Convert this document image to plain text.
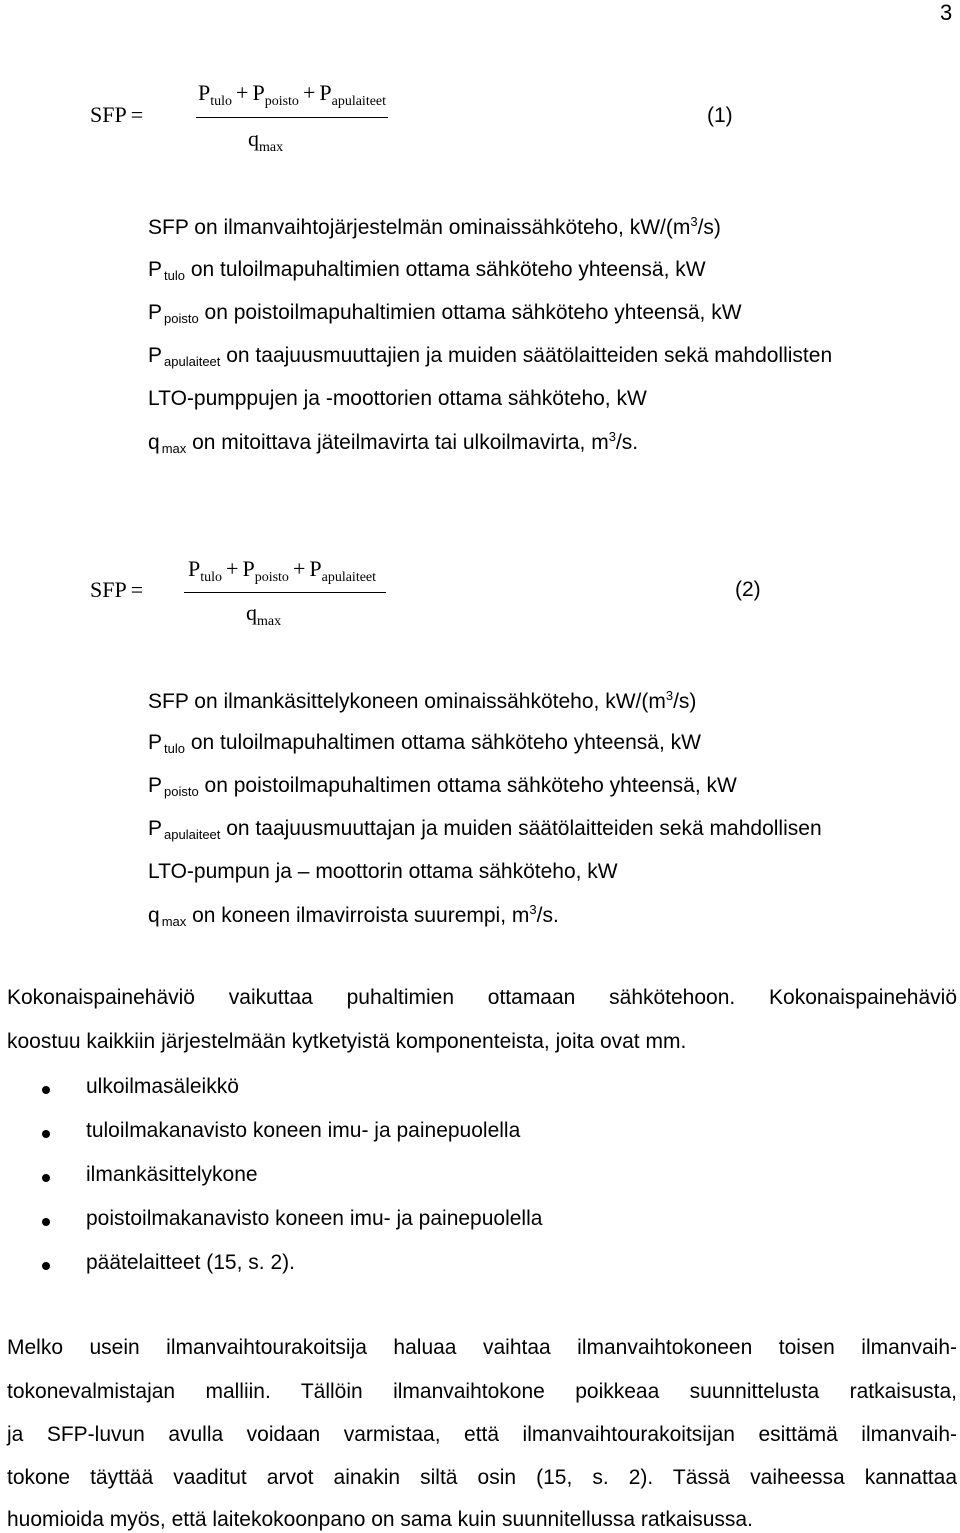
3
SFP =
$P_{tulo} + P_{poisto} + P_{apulaiteet}$
$q_{max}$
(1)
SFP on ilmanvaihtojärjestelmän ominaissähköteho, $kW/(m^3/s)$
P $_{tulo}$ on tuloilmapuhaltimien ottama sähköteho yhteensä, kW
P $_{poisto}$ on poistoilmapuhaltimien ottama sähköteho yhteensä, kW
P $_{apulaiteet}$ on taajuusmuuttajien ja muiden säätölaitteiden sekä mahdollisten
LTO-pumppujen ja -moottorien ottama sähköteho, kW
q $_{max}$ on mitoittava jäteilmavirta tai ulkoilmavirta, $m^3/s$.
SFP =
$P_{tulo} + P_{poisto} + P_{apulaiteet}$
$q_{max}$
(2)
SFP on ilmankäsittelykoneen ominaissähköteho, $kW/(m^3/s)$
P $_{tulo}$ on tuloilmapuhaltimen ottama sähköteho yhteensä, kW
P $_{poisto}$ on poistoilmapuhaltimen ottama sähköteho yhteensä, kW
P $_{apulaiteet}$ on taajuusmuuttajan ja muiden säätölaitteiden sekä mahdollisen
LTO-pumpun ja – moottorin ottama sähköteho, kW
q $_{max}$ on koneen ilmavirroista suurempi, $m^3/s$.
Kokonaispainehäviö vaikuttaa puhaltimien ottamaan sähkötehoon. Kokonaispainehäviö
koostuu kaikkiin järjestelmään kytketyistä komponenteista, joita ovat mm.
ulkoilmasäleikkö
tuloilmakanavisto koneen imu- ja painepuolella
ilmankäsittelykone
poistoilmakanavisto koneen imu- ja painepuolella
päätelaitteet (15, s. 2).
Melko usein ilmanvaihtourakoitsija haluaa vaihtaa ilmanvaihtokoneen toisen ilmanvaih-
tokonevalmistajan malliin. Tällöin ilmanvaihtokone poikkeaa suunnittelusta ratkaisusta,
ja SFP-luvun avulla voidaan varmistaa, että ilmanvaihtourakoitsijan esittämä ilmanvaih-
tokone täyttää vaaditut arvot ainakin siltä osin (15, s. 2). Tässä vaiheessa kannattaa
huomioida myös, että laitekokoonpano on sama kuin suunnitellussa ratkaisussa.
